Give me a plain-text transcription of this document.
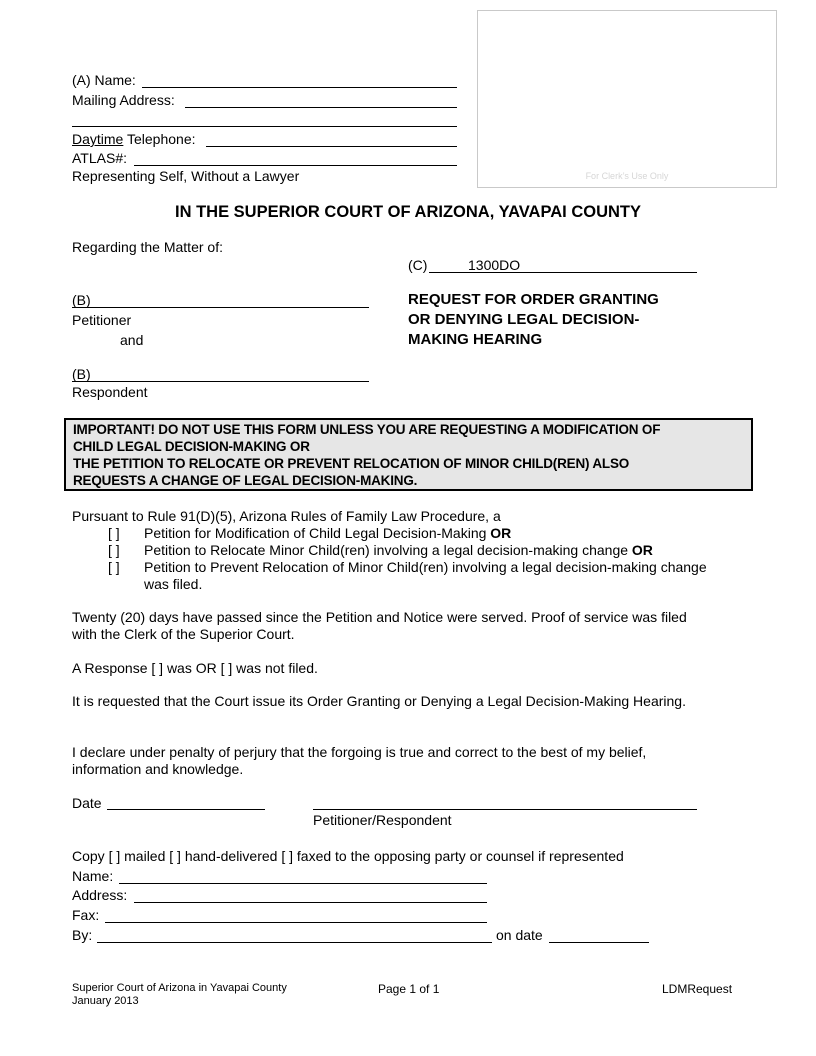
For Clerk’s Use Only
(A) Name:
Mailing Address:
Daytime Telephone:
ATLAS#:
Representing Self, Without a Lawyer
IN THE SUPERIOR COURT OF ARIZONA, YAVAPAI COUNTY
Regarding the Matter of:
(C)	1300DO
(B)
Petitioner
and
(B)
Respondent
REQUEST FOR ORDER GRANTING
OR DENYING LEGAL DECISION-
MAKING HEARING
IMPORTANT! DO NOT USE THIS FORM UNLESS YOU ARE REQUESTING A MODIFICATION OF
CHILD LEGAL DECISION-MAKING OR
THE PETITION TO RELOCATE OR PREVENT RELOCATION OF MINOR CHILD(REN) ALSO
REQUESTS A CHANGE OF LEGAL DECISION-MAKING.
Pursuant to Rule 91(D)(5), Arizona Rules of Family Law Procedure, a
[ ] Petition for Modification of Child Legal Decision-Making OR
[ ] Petition to Relocate Minor Child(ren) involving a legal decision-making change OR
[ ] Petition to Prevent Relocation of Minor Child(ren) involving a legal decision-making change
was filed.
Twenty (20) days have passed since the Petition and Notice were served. Proof of service was filed
with the Clerk of the Superior Court.
A Response [ ] was OR [ ] was not filed.
It is requested that the Court issue its Order Granting or Denying a Legal Decision-Making Hearing.
I declare under penalty of perjury that the forgoing is true and correct to the best of my belief,
information and knowledge.
Date
Petitioner/Respondent
Copy [ ] mailed [ ] hand-delivered [ ] faxed to the opposing party or counsel if represented
Name:
Address:
Fax:
By:	on date
Superior Court of Arizona in Yavapai County
January 2013
Page 1 of 1	LDMRequest
